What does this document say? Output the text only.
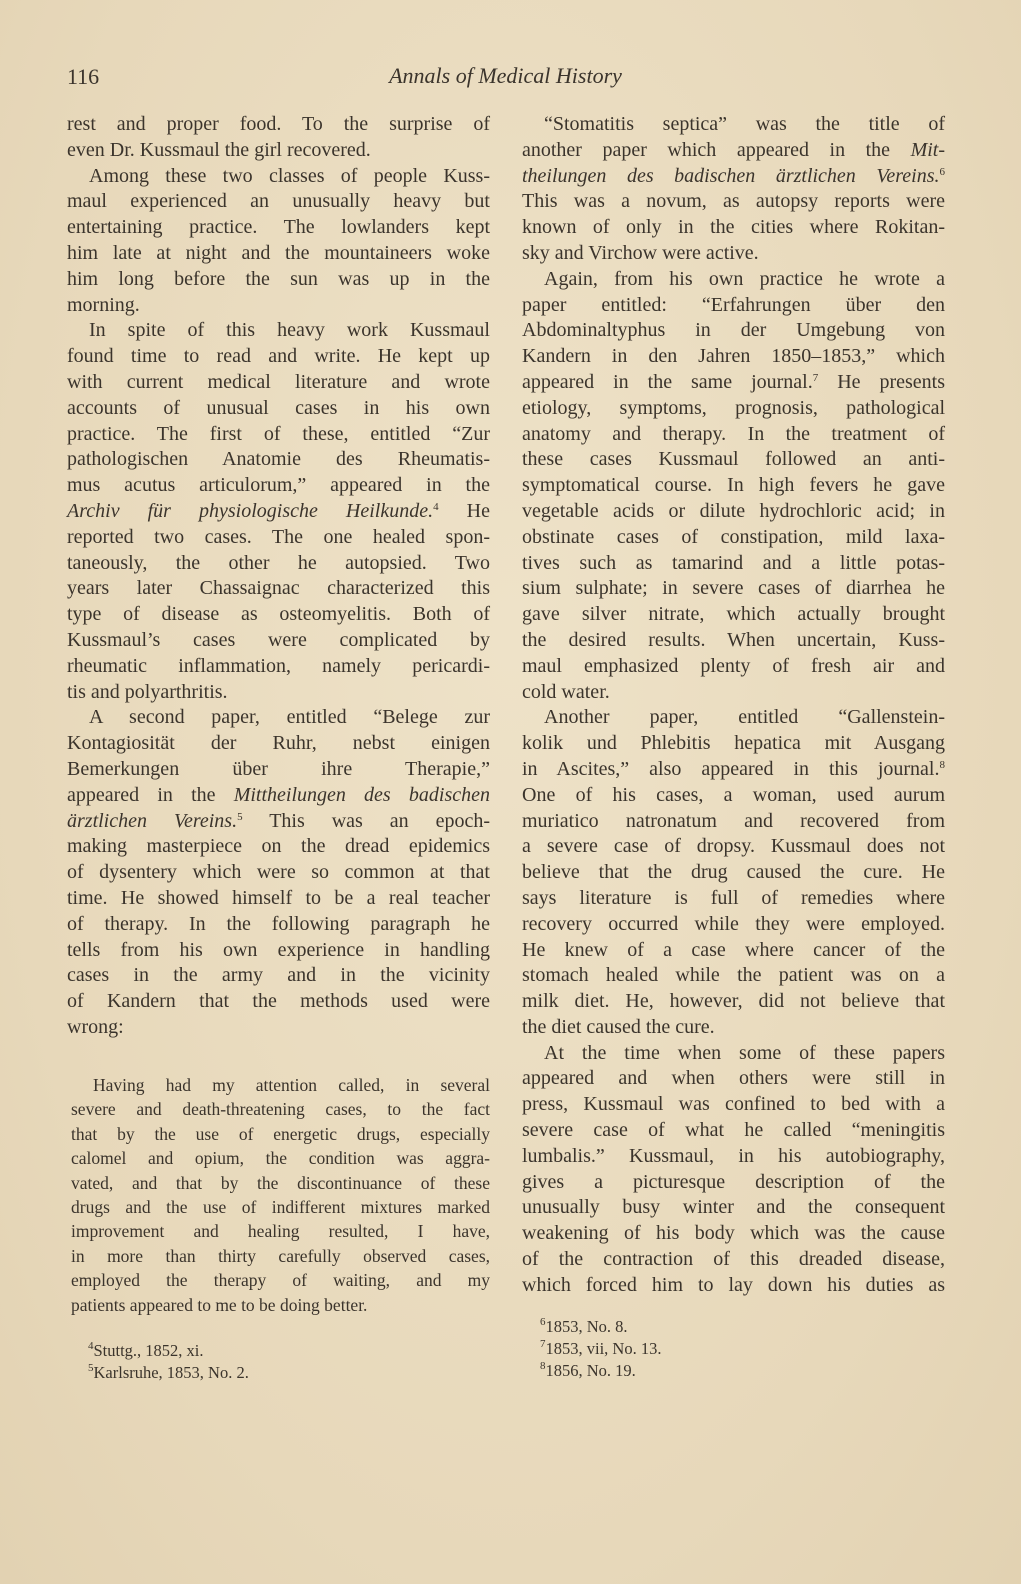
116	Annals of Medical History
rest and proper food. To the surprise of
even Dr. Kussmaul the girl recovered.
Among these two classes of people Kuss-
maul experienced an unusually heavy but
entertaining practice. The lowlanders kept
him late at night and the mountaineers woke
him long before the sun was up in the
morning.
In spite of this heavy work Kussmaul
found time to read and write. He kept up
with current medical literature and wrote
accounts of unusual cases in his own
practice. The first of these, entitled “Zur
pathologischen Anatomie des Rheumatis-
mus acutus articulorum,” appeared in the
Archiv für physiologische Heilkunde.$^4$ He
reported two cases. The one healed spon-
taneously, the other he autopsied. Two
years later Chassaignac characterized this
type of disease as osteomyelitis. Both of
Kussmaul’s cases were complicated by
rheumatic inflammation, namely pericardi-
tis and polyarthritis.
A second paper, entitled “Belege zur
Kontagiosität der Ruhr, nebst einigen
Bemerkungen über ihre Therapie,”
appeared in the Mittheilungen des badischen
ärztlichen Vereins.$^5$ This was an epoch-
making masterpiece on the dread epidemics
of dysentery which were so common at that
time. He showed himself to be a real teacher
of therapy. In the following paragraph he
tells from his own experience in handling
cases in the army and in the vicinity
of Kandern that the methods used were
wrong:
Having had my attention called, in several
severe and death-threatening cases, to the fact
that by the use of energetic drugs, especially
calomel and opium, the condition was aggra-
vated, and that by the discontinuance of these
drugs and the use of indifferent mixtures marked
improvement and healing resulted, I have,
in more than thirty carefully observed cases,
employed the therapy of waiting, and my
patients appeared to me to be doing better.
“Stomatitis septica” was the title of
another paper which appeared in the Mit-
theilungen des badischen ärztlichen Vereins.$^6$
This was a novum, as autopsy reports were
known of only in the cities where Rokitan-
sky and Virchow were active.
Again, from his own practice he wrote a
paper entitled: “Erfahrungen über den
Abdominaltyphus in der Umgebung von
Kandern in den Jahren 1850–1853,” which
appeared in the same journal.$^7$ He presents
etiology, symptoms, prognosis, pathological
anatomy and therapy. In the treatment of
these cases Kussmaul followed an anti-
symptomatical course. In high fevers he gave
vegetable acids or dilute hydrochloric acid; in
obstinate cases of constipation, mild laxa-
tives such as tamarind and a little potas-
sium sulphate; in severe cases of diarrhea he
gave silver nitrate, which actually brought
the desired results. When uncertain, Kuss-
maul emphasized plenty of fresh air and
cold water.
Another paper, entitled “Gallenstein-
kolik und Phlebitis hepatica mit Ausgang
in Ascites,” also appeared in this journal.$^8$
One of his cases, a woman, used aurum
muriatico natronatum and recovered from
a severe case of dropsy. Kussmaul does not
believe that the drug caused the cure. He
says literature is full of remedies where
recovery occurred while they were employed.
He knew of a case where cancer of the
stomach healed while the patient was on a
milk diet. He, however, did not believe that
the diet caused the cure.
At the time when some of these papers
appeared and when others were still in
press, Kussmaul was confined to bed with a
severe case of what he called “meningitis
lumbalis.” Kussmaul, in his autobiography,
gives a picturesque description of the
unusually busy winter and the consequent
weakening of his body which was the cause
of the contraction of this dreaded disease,
which forced him to lay down his duties as
$^4$Stuttg., 1852, xi.
$^5$Karlsruhe, 1853, No. 2.
$^6$1853, No. 8.
$^7$1853, vii, No. 13.
$^8$1856, No. 19.
